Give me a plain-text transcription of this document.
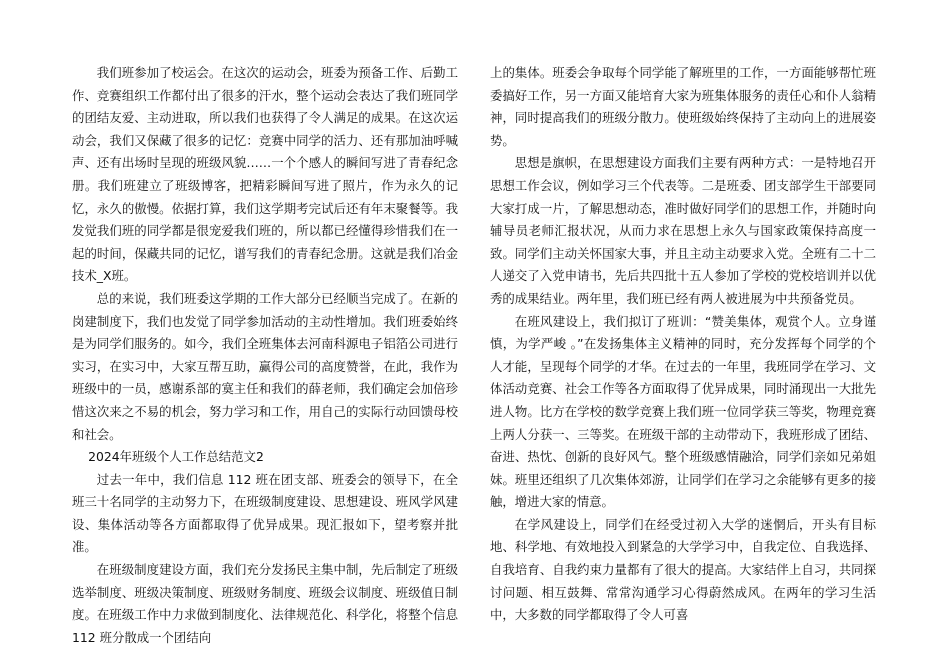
我们班参加了校运会。在这次的运动会，班委为预备工作、后勤工作、竞赛组织工作都付出了很多的汗水，整个运动会表达了我们班同学的团结友爱、主动进取，所以我们也获得了令人满足的成果。在这次运动会，我们又保藏了很多的记忆：竞赛中同学的活力、还有那加油呼喊声、还有出场时呈现的班级风貌……一个个感人的瞬间写进了青春纪念册。我们班建立了班级博客，把精彩瞬间写进了照片，作为永久的记忆，永久的傲慢。依据打算，我们这学期考完试后还有年末聚餐等。我发觉我们班的同学都是很宠爱我们班的，所以都已经懂得珍惜我们在一起的时间，保藏共同的记忆，谱写我们的青春纪念册。这就是我们冶金技术_X班。

总的来说，我们班委这学期的工作大部分已经顺当完成了。在新的岗建制度下，我们也发觉了同学参加活动的主动性增加。我们班委始终是为同学们服务的。如今，我们全班集体去河南科源电子铝箔公司进行实习，在实习中，大家互帮互助，赢得公司的高度赞誉，在此，我作为班级中的一员，感谢系部的寞主任和我们的薛老师，我们确定会加倍珍惜这次来之不易的机会，努力学习和工作，用自己的实际行动回馈母校和社会。

2024年班级个人工作总结范文2

过去一年中，我们信息 112 班在团支部、班委会的领导下，在全班三十名同学的主动努力下，在班级制度建设、思想建设、班风学风建设、集体活动等各方面都取得了优异成果。现汇报如下，望考察并批准。

在班级制度建设方面，我们充分发扬民主集中制，先后制定了班级选举制度、班级决策制度、班级财务制度、班级会议制度、班级值日制度。在班级工作中力求做到制度化、法律规范化、科学化，将整个信息 112 班分散成一个团结向

上的集体。班委会争取每个同学能了解班里的工作，一方面能够帮忙班委搞好工作，另一方面又能培育大家为班集体服务的责任心和仆人翁精神，同时提高我们的班级分散力。使班级始终保持了主动向上的进展姿势。

思想是旗帜，在思想建设方面我们主要有两种方式：一是特地召开思想工作会议，例如学习三个代表等。二是班委、团支部学生干部要同大家打成一片，了解思想动态，准时做好同学们的思想工作，并随时向辅导员老师汇报状况，从而力求在思想上永久与国家政策保持高度一致。同学们主动关怀国家大事，并且主动主动要求入党。全班有二十二人递交了入党申请书，先后共四批十五人参加了学校的党校培训并以优秀的成果结业。两年里，我们班已经有两人被进展为中共预备党员。

在班风建设上，我们拟订了班训：“赞美集体，观赏个人。立身谨慎，为学严峻 。”在发扬集体主义精神的同时，充分发挥每个同学的个人才能，呈现每个同学的才华。在过去的一年里，我班同学在学习、文体活动竞赛、社会工作等各方面取得了优异成果，同时涌现出一大批先进人物。比方在学校的数学竞赛上我们班一位同学获三等奖，物理竞赛上两人分获一、三等奖。在班级干部的主动带动下，我班形成了团结、奋进、热忱、创新的良好风气。整个班级感情融洽，同学们亲如兄弟姐妹。班里还组织了几次集体郊游，让同学们在学习之余能够有更多的接触，增进大家的情意。

在学风建设上，同学们在经受过初入大学的迷惘后，开头有目标地、科学地、有效地投入到紧急的大学学习中，自我定位、自我选择、自我培育、自我约束力量都有了很大的提高。大家结伴上自习，共同探讨问题、相互鼓舞、常常沟通学习心得蔚然成风。在两年的学习生活中，大多数的同学都取得了令人可喜
